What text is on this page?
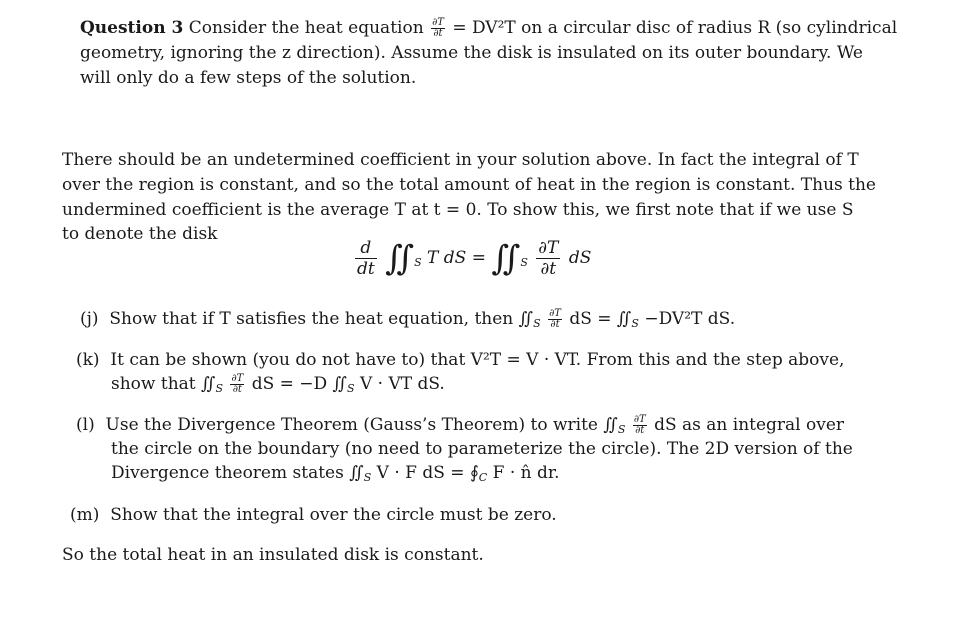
Question 3 Consider the heat equation $\frac{\partial T}{\partial t} = DV^2T$ on a circular disc of radius R (so cylindrical
geometry, ignoring the z direction). Assume the disk is insulated on its outer boundary. We
will only do a few steps of the solution.
There should be an undetermined coefficient in your solution above. In fact the integral of T
over the region is constant, and so the total amount of heat in the region is constant. Thus the
undermined coefficient is the average T at t = 0. To show this, we first note that if we use S
to denote the disk
$\frac{d}{dt}$ $∬_S$ T dS = $∬_S \frac{\partial T}{\partial t}$ dS
(j) Show that if T satisfies the heat equation, then $∬_S \frac{\partial T}{\partial t}$ dS = $∬_S -DV^2T$ dS.
(k) It can be shown (you do not have to) that V²T = V · VT. From this and the step above,
show that $∬_S \frac{\partial T}{\partial t}$ dS = −D $∬_S$ V · VT dS.
(l) Use the Divergence Theorem (Gauss’s Theorem) to write $∬_S \frac{\partial T}{\partial t}$ dS as an integral over
the circle on the boundary (no need to parameterize the circle). The 2D version of the
Divergence theorem states $∬_S$ V · F dS = $∮_C$ F · n̂ dr.
(m) Show that the integral over the circle must be zero.
So the total heat in an insulated disk is constant.
